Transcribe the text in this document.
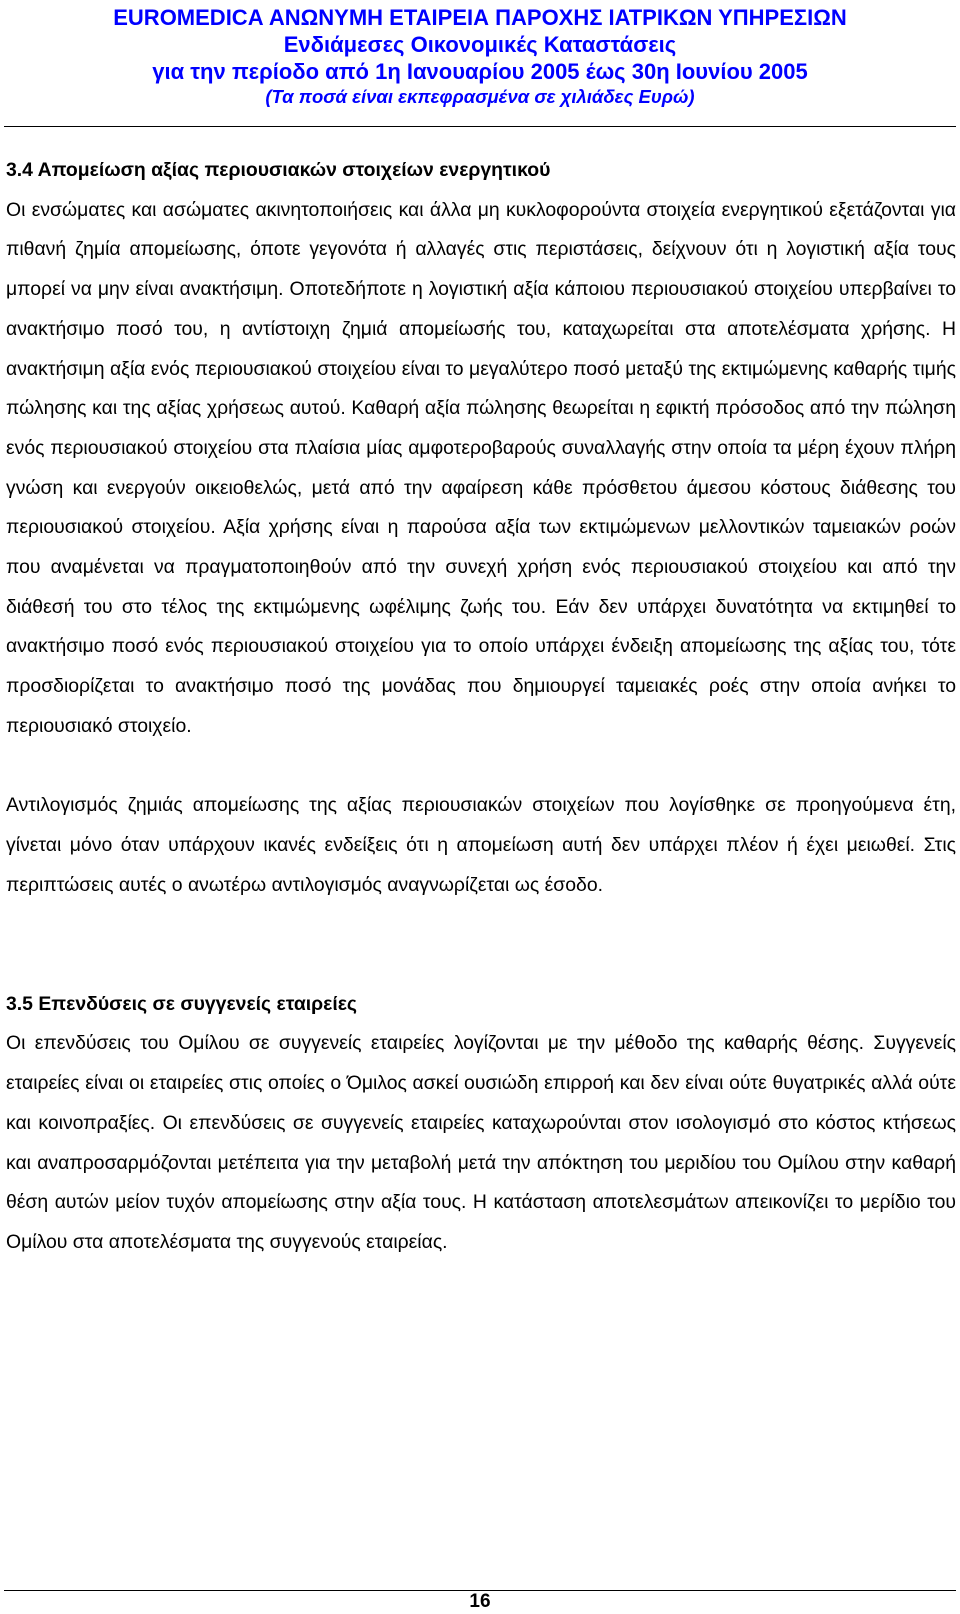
EUROMEDICA ΑΝΩΝΥΜΗ ΕΤΑΙΡΕΙΑ ΠΑΡΟΧΗΣ ΙΑΤΡΙΚΩΝ ΥΠΗΡΕΣΙΩΝ
Ενδιάμεσες Οικονομικές Καταστάσεις
για την περίοδο από 1η Ιανουαρίου 2005 έως 30η Ιουνίου 2005
(Τα ποσά είναι εκπεφρασμένα σε χιλιάδες Ευρώ)
3.4 Απομείωση αξίας περιουσιακών στοιχείων ενεργητικού

Οι ενσώματες και ασώματες ακινητοποιήσεις και άλλα μη κυκλοφορούντα στοιχεία ενεργητικού εξετάζονται για πιθανή ζημία απομείωσης, όποτε γεγονότα ή αλλαγές στις περιστάσεις, δείχνουν ότι η λογιστική αξία τους μπορεί να μην είναι ανακτήσιμη. Οποτεδήποτε η λογιστική αξία κάποιου περιουσιακού στοιχείου υπερβαίνει το ανακτήσιμο ποσό του, η αντίστοιχη ζημιά απομείωσής του, καταχωρείται στα αποτελέσματα χρήσης. Η ανακτήσιμη αξία ενός περιουσιακού στοιχείου είναι το μεγαλύτερο ποσό μεταξύ της εκτιμώμενης καθαρής τιμής πώλησης και της αξίας χρήσεως αυτού. Καθαρή αξία πώλησης θεωρείται η εφικτή πρόσοδος από την πώληση ενός περιουσιακού στοιχείου στα πλαίσια μίας αμφοτεροβαρούς συναλλαγής στην οποία τα μέρη έχουν πλήρη γνώση και ενεργούν οικειοθελώς, μετά από την αφαίρεση κάθε πρόσθετου άμεσου κόστους διάθεσης του περιουσιακού στοιχείου. Αξία χρήσης είναι η παρούσα αξία των εκτιμώμενων μελλοντικών ταμειακών ροών που αναμένεται να πραγματοποιηθούν από την συνεχή χρήση ενός περιουσιακού στοιχείου και από την διάθεσή του στο τέλος της εκτιμώμενης ωφέλιμης ζωής του. Εάν δεν υπάρχει δυνατότητα να εκτιμηθεί το ανακτήσιμο ποσό ενός περιουσιακού στοιχείου για το οποίο υπάρχει ένδειξη απομείωσης της αξίας του, τότε προσδιορίζεται το ανακτήσιμο ποσό της μονάδας που δημιουργεί ταμειακές ροές στην οποία ανήκει το περιουσιακό στοιχείο.

Αντιλογισμός ζημιάς απομείωσης της αξίας περιουσιακών στοιχείων που λογίσθηκε σε προηγούμενα έτη, γίνεται μόνο όταν υπάρχουν ικανές ενδείξεις ότι η απομείωση αυτή δεν υπάρχει πλέον ή έχει μειωθεί. Στις περιπτώσεις αυτές ο ανωτέρω αντιλογισμός αναγνωρίζεται ως έσοδο.

3.5 Επενδύσεις σε συγγενείς εταιρείες

Οι επενδύσεις του Ομίλου σε συγγενείς εταιρείες λογίζονται με την μέθοδο της καθαρής θέσης. Συγγενείς εταιρείες είναι οι εταιρείες στις οποίες ο Όμιλος ασκεί ουσιώδη επιρροή και δεν είναι ούτε θυγατρικές αλλά ούτε και κοινοπραξίες. Οι επενδύσεις σε συγγενείς εταιρείες καταχωρούνται στον ισολογισμό στο κόστος κτήσεως και αναπροσαρμόζονται μετέπειτα για την μεταβολή μετά την απόκτηση του μεριδίου του Ομίλου στην καθαρή θέση αυτών μείον τυχόν απομείωσης στην αξία τους. Η κατάσταση αποτελεσμάτων απεικονίζει το μερίδιο του Ομίλου στα αποτελέσματα της συγγενούς εταιρείας.

16
